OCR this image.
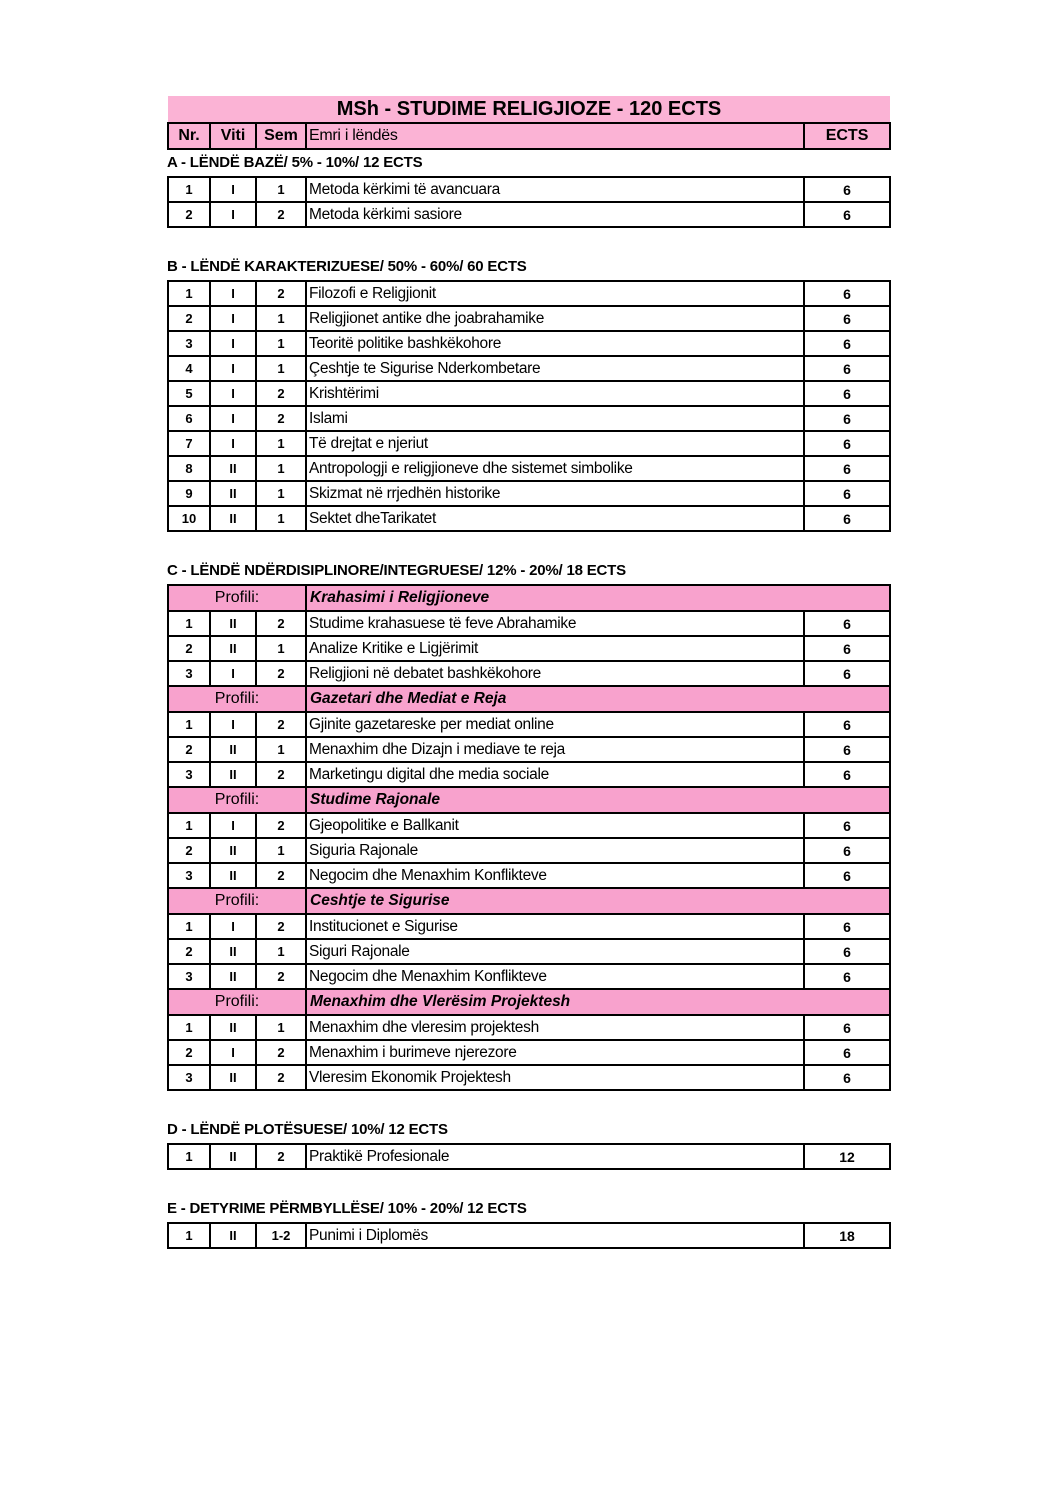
MSh - STUDIME RELIGJIOZE - 120 ECTS
Nr.	Viti	Sem	Emri i lëndës	ECTS
A - LËNDË BAZË/ 5% - 10%/ 12 ECTS
1	I	1	Metoda kërkimi të avancuara	6
2	I	2	Metoda kërkimi sasiore	6
B - LËNDË KARAKTERIZUESE/ 50% - 60%/ 60 ECTS
1	I	2	Filozofi e Religjionit	6
2	I	1	Religjionet antike dhe joabrahamike	6
3	I	1	Teoritë politike bashkëkohore	6
4	I	1	Çeshtje te Sigurise Nderkombetare	6
5	I	2	Krishtërimi	6
6	I	2	Islami	6
7	I	1	Të drejtat e njeriut	6
8	II	1	Antropologji e religjioneve dhe sistemet simbolike	6
9	II	1	Skizmat në rrjedhën historike	6
10	II	1	Sektet dheTarikatet	6
C - LËNDË NDËRDISIPLINORE/INTEGRUESE/ 12% - 20%/ 18 ECTS
Profili:			Krahasimi i Religjioneve	
1	II	2	Studime krahasuese të feve Abrahamike	6
2	II	1	Analize Kritike e Ligjërimit	6
3	I	2	Religjioni në debatet bashkëkohore	6
Profili:			Gazetari dhe Mediat e Reja	
1	I	2	Gjinite gazetareske per mediat online	6
2	II	1	Menaxhim dhe Dizajn i mediave te reja	6
3	II	2	Marketingu digital dhe media sociale	6
Profili:			Studime Rajonale	
1	I	2	Gjeopolitike e Ballkanit	6
2	II	1	Siguria Rajonale	6
3	II	2	Negocim dhe Menaxhim Konflikteve	6
Profili:			Ceshtje te Sigurise	
1	I	2	Institucionet e Sigurise	6
2	II	1	Siguri Rajonale	6
3	II	2	Negocim dhe Menaxhim Konflikteve	6
Profili:			Menaxhim dhe Vlerësim Projektesh	
1	II	1	Menaxhim dhe vleresim projektesh	6
2	I	2	Menaxhim i burimeve njerezore	6
3	II	2	Vleresim Ekonomik Projektesh	6
D - LËNDË PLOTËSUESE/ 10%/ 12 ECTS
1	II	2	Praktikë Profesionale	12
E - DETYRIME PËRMBYLLËSE/ 10% - 20%/ 12 ECTS
1	II	1-2	Punimi i Diplomës	18
